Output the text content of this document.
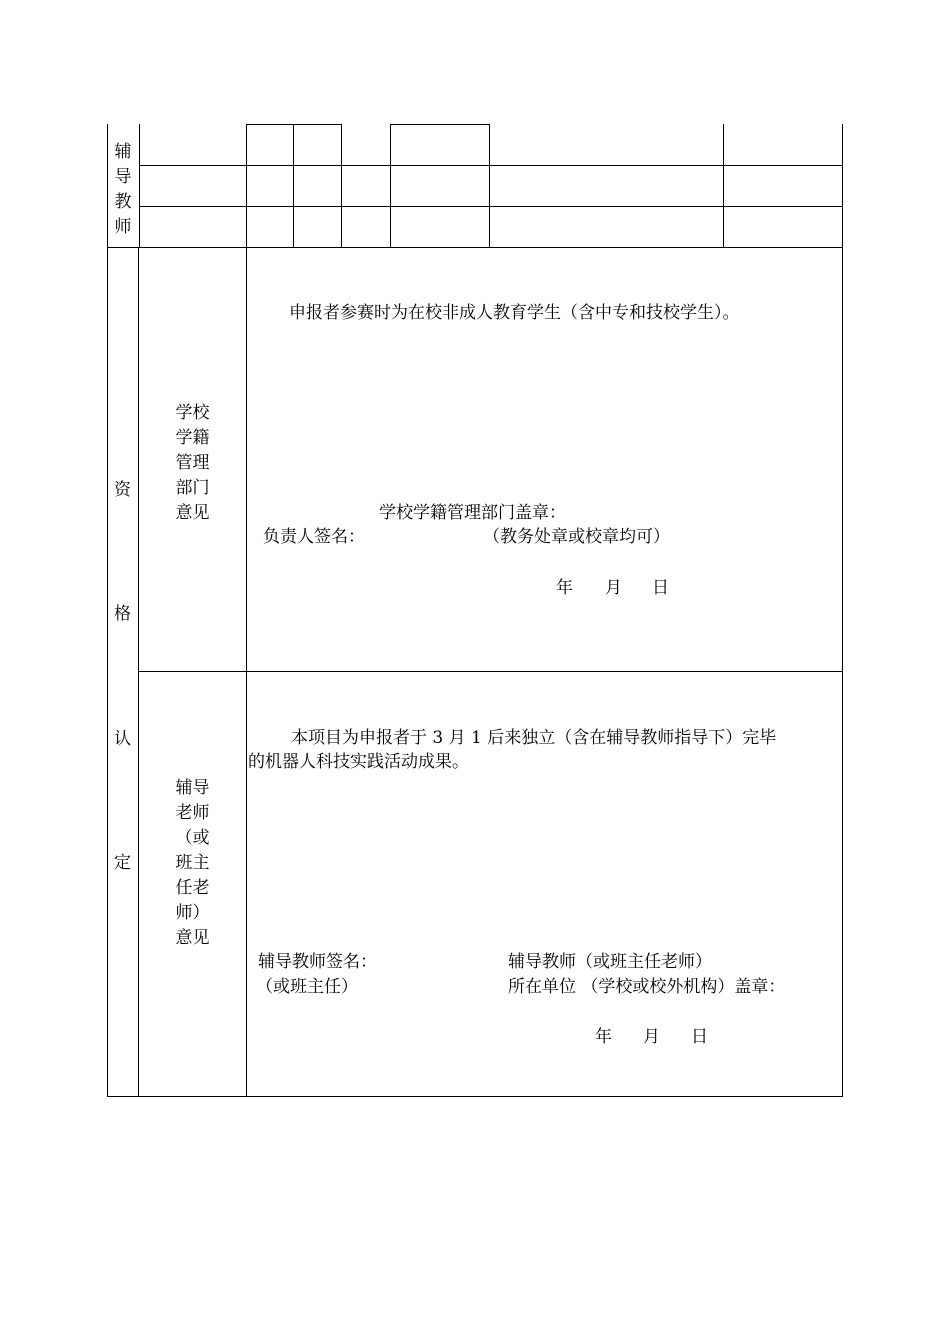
辅导教师
资
格
认
定
学校
学籍
管理
部门
意见
申报者参赛时为在校非成人教育学生（含中专和技校学生）。
学校学籍管理部门盖章：
负责人签名：	（教务处章或校章均可）
年 月 日
辅导
老师
（或
班主
任老
师）
意见
本项目为申报者于 3 月 1 后来独立（含在辅导教师指导下）完毕
的机器人科技实践活动成果。
辅导教师签名：
（或班主任）
辅导教师（或班主任老师）
所在单位 （学校或校外机构）盖章：
年 月 日
